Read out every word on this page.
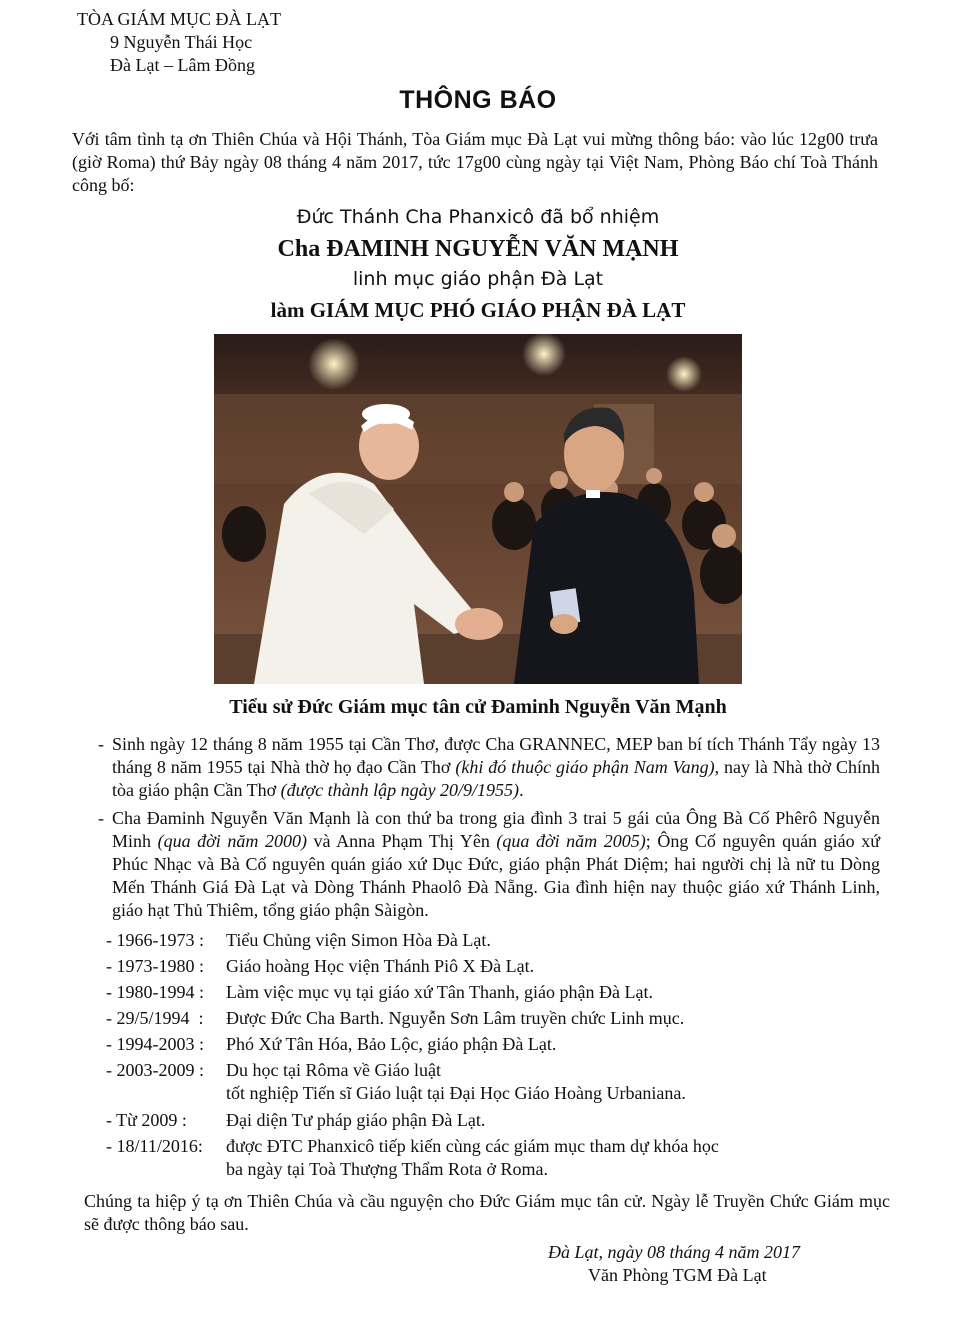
TÒA GIÁM MỤC ĐÀ LẠT
9 Nguyễn Thái Học
Đà Lạt – Lâm Đồng
THÔNG BÁO
Với tâm tình tạ ơn Thiên Chúa và Hội Thánh, Tòa Giám mục Đà Lạt vui mừng thông báo: vào lúc 12g00 trưa (giờ Roma) thứ Bảy ngày 08 tháng 4 năm 2017, tức 17g00 cùng ngày tại Việt Nam, Phòng Báo chí Toà Thánh công bố:
Đức Thánh Cha Phanxicô đã bổ nhiệm
Cha ĐAMINH NGUYỄN VĂN MẠNH
linh mục giáo phận Đà Lạt
làm GIÁM MỤC PHÓ GIÁO PHẬN ĐÀ LẠT
Tiểu sử Đức Giám mục tân cử Đaminh Nguyễn Văn Mạnh
- Sinh ngày 12 tháng 8 năm 1955 tại Cần Thơ, được Cha GRANNEC, MEP ban bí tích Thánh Tẩy ngày 13 tháng 8 năm 1955 tại Nhà thờ họ đạo Cần Thơ (khi đó thuộc giáo phận Nam Vang), nay là Nhà thờ Chính tòa giáo phận Cần Thơ (được thành lập ngày 20/9/1955).
- Cha Đaminh Nguyễn Văn Mạnh là con thứ ba trong gia đình 3 trai 5 gái của Ông Bà Cố Phêrô Nguyễn Minh (qua đời năm 2000) và Anna Phạm Thị Yên (qua đời năm 2005); Ông Cố nguyên quán giáo xứ Phúc Nhạc và Bà Cố nguyên quán giáo xứ Dục Đức, giáo phận Phát Diệm; hai người chị là nữ tu Dòng Mến Thánh Giá Đà Lạt và Dòng Thánh Phaolô Đà Nẵng. Gia đình hiện nay thuộc giáo xứ Thánh Linh, giáo hạt Thủ Thiêm, tổng giáo phận Sàigòn.
- 1966-1973 :	Tiểu Chủng viện Simon Hòa Đà Lạt.
- 1973-1980 :	Giáo hoàng Học viện Thánh Piô X Đà Lạt.
- 1980-1994 :	Làm việc mục vụ tại giáo xứ Tân Thanh, giáo phận Đà Lạt.
- 29/5/1994  :	Được Đức Cha Barth. Nguyễn Sơn Lâm truyền chức Linh mục.
- 1994-2003 :	Phó Xứ Tân Hóa, Bảo Lộc, giáo phận Đà Lạt.
- 2003-2009 :	Du học tại Rôma về Giáo luật
tốt nghiệp Tiến sĩ Giáo luật tại Đại Học Giáo Hoàng Urbaniana.
- Từ 2009 :	Đại diện Tư pháp giáo phận Đà Lạt.
- 18/11/2016:	được ĐTC Phanxicô tiếp kiến cùng các giám mục tham dự khóa học
ba ngày tại Toà Thượng Thẩm Rota ở Roma.
Chúng ta hiệp ý tạ ơn Thiên Chúa và cầu nguyện cho Đức Giám mục tân cử. Ngày lễ Truyền Chức Giám mục sẽ được thông báo sau.
Đà Lạt, ngày 08 tháng 4 năm 2017
Văn Phòng TGM Đà Lạt
